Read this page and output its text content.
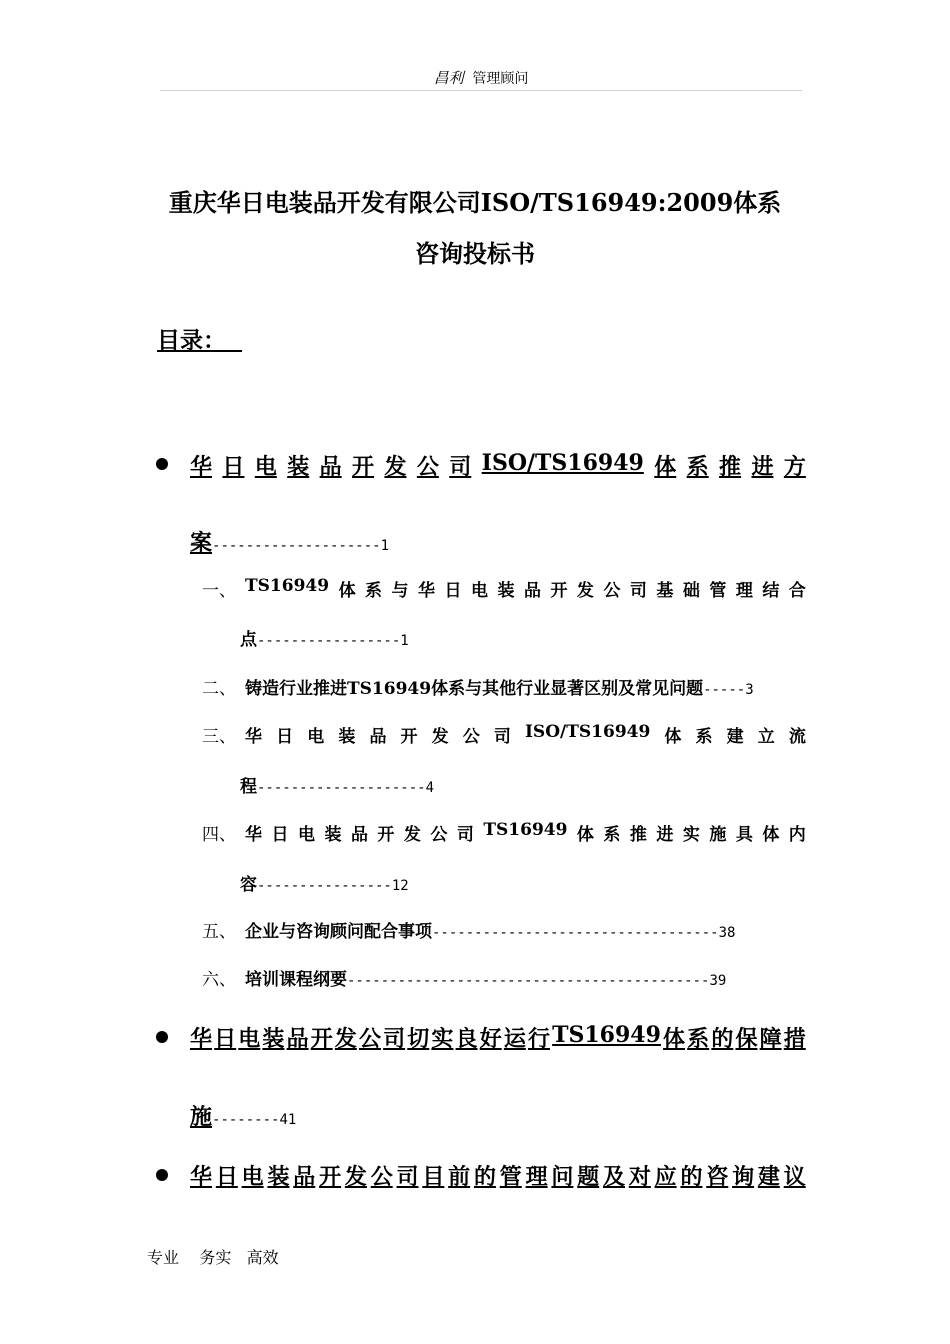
昌利 管理顾问
重庆华日电装品开发有限公司ISO/TS16949:2009体系
咨询投标书
目录：
华 日 电 装 品 开 发 公 司 ISO/TS16949 体 系 推 进 方
案--------------------1
一、 TS16949 体 系 与 华 日 电 装 品 开 发 公 司 基 础 管 理 结 合
点-----------------1
二、 铸造行业推进TS16949体系与其他行业显著区别及常见问题-----3
三、 华 日 电 装 品 开 发 公 司 ISO/TS16949 体 系 建 立 流
程--------------------4
四、 华 日 电 装 品 开 发 公 司 TS16949 体 系 推 进 实 施 具 体 内
容----------------12
五、 企业与咨询顾问配合事项----------------------------------38
六、 培训课程纲要-------------------------------------------39
华 日 电 装 品 开 发 公 司 切 实 良 好 运 行 TS16949 体 系 的 保 障 措
施--------41
华 日 电 装 品 开 发 公 司 目 前 的 管 理 问 题 及 对 应 的 咨 询 建 议
专业 务实 高效
